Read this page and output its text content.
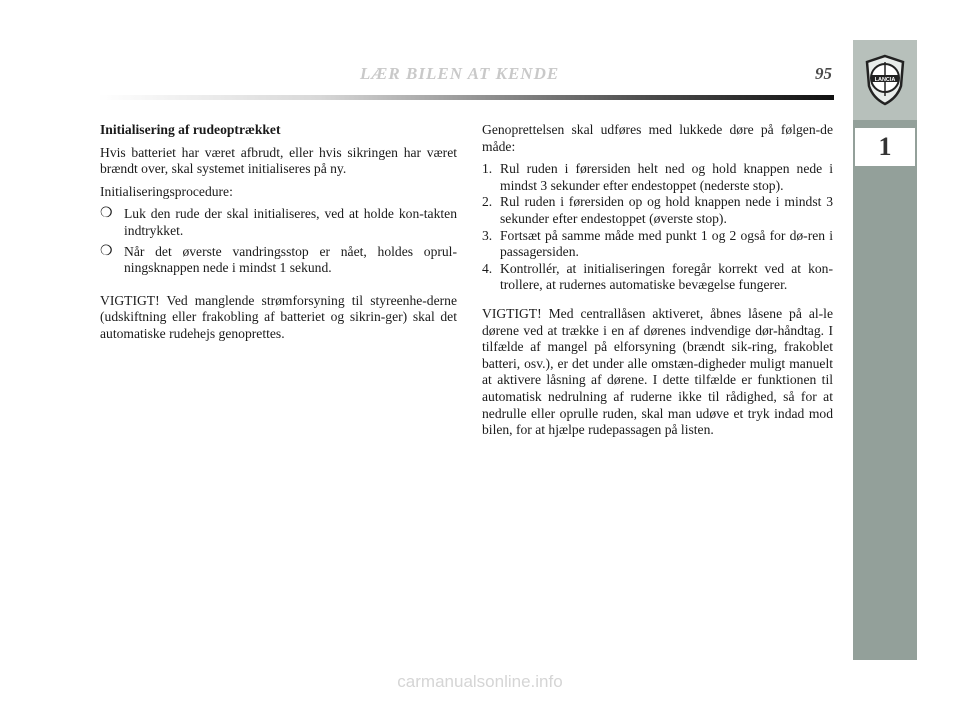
LÆR BILEN AT KENDE	95	LANCIA
1

Initialisering af rudeoptrækket

Hvis batteriet har været afbrudt, eller hvis sikringen har været brændt over, skal systemet initialiseres på ny.

Initialiseringsprocedure:

❍ Luk den rude der skal initialiseres, ved at holde kon-takten indtrykket.
❍ Når det øverste vandringsstop er nået, holdes oprul-ningsknappen nede i mindst 1 sekund.

VIGTIGT! Ved manglende strømforsyning til styreenhe-derne (udskiftning eller frakobling af batteriet og sikrin-ger) skal det automatiske rudehejs genoprettes.

Genoprettelsen skal udføres med lukkede døre på følgen-de måde:

1. Rul ruden i førersiden helt ned og hold knappen nede i mindst 3 sekunder efter endestoppet (nederste stop).
2. Rul ruden i førersiden op og hold knappen nede i mindst 3 sekunder efter endestoppet (øverste stop).
3. Fortsæt på samme måde med punkt 1 og 2 også for dø-ren i passagersiden.
4. Kontrollér, at initialiseringen foregår korrekt ved at kon-trollere, at rudernes automatiske bevægelse fungerer.

VIGTIGT! Med centrallåsen aktiveret, åbnes låsene på al-le dørene ved at trække i en af dørenes indvendige dør-håndtag. I tilfælde af mangel på elforsyning (brændt sik-ring, frakoblet batteri, osv.), er det under alle omstæn-digheder muligt manuelt at aktivere låsning af dørene. I dette tilfælde er funktionen til automatisk nedrulning af ruderne ikke til rådighed, så for at nedrulle eller oprulle ruden, skal man udøve et tryk indad mod bilen, for at hjælpe rudepassagen på listen.

carmanualsonline.info
